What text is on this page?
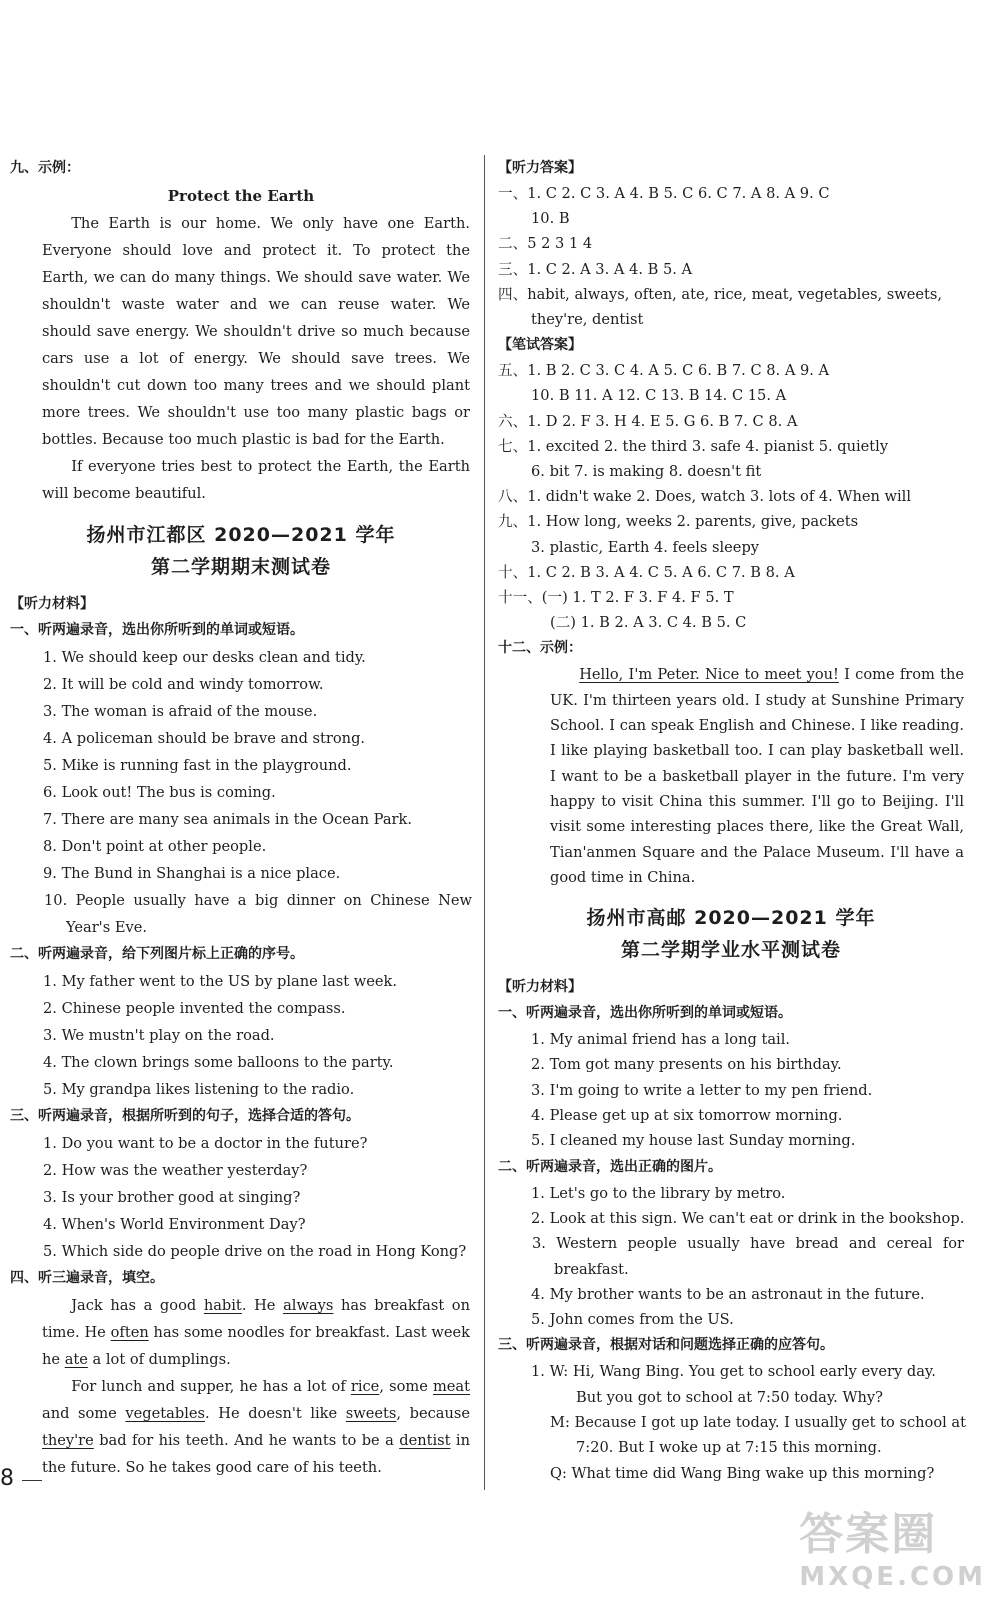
九、示例：
Protect the Earth
The Earth is our home. We only have one Earth. Everyone should love and protect it. To protect the Earth, we can do many things. We should save water. We shouldn't waste water and we can reuse water. We should save energy. We shouldn't drive so much because cars use a lot of energy. We should save trees. We shouldn't cut down too many trees and we should plant more trees. We shouldn't use too many plastic bags or bottles. Because too much plastic is bad for the Earth.
If everyone tries best to protect the Earth, the Earth will become beautiful.
扬州市江都区 2020—2021 学年
第二学期期末测试卷
【听力材料】
一、听两遍录音，选出你所听到的单词或短语。
1. We should keep our desks clean and tidy.
2. It will be cold and windy tomorrow.
3. The woman is afraid of the mouse.
4. A policeman should be brave and strong.
5. Mike is running fast in the playground.
6. Look out! The bus is coming.
7. There are many sea animals in the Ocean Park.
8. Don't point at other people.
9. The Bund in Shanghai is a nice place.
10. People usually have a big dinner on Chinese New Year's Eve.
二、听两遍录音，给下列图片标上正确的序号。
1. My father went to the US by plane last week.
2. Chinese people invented the compass.
3. We mustn't play on the road.
4. The clown brings some balloons to the party.
5. My grandpa likes listening to the radio.
三、听两遍录音，根据所听到的句子，选择合适的答句。
1. Do you want to be a doctor in the future?
2. How was the weather yesterday?
3. Is your brother good at singing?
4. When's World Environment Day?
5. Which side do people drive on the road in Hong Kong?
四、听三遍录音，填空。
Jack has a good habit. He always has breakfast on time. He often has some noodles for breakfast. Last week he ate a lot of dumplings.
For lunch and supper, he has a lot of rice, some meat and some vegetables. He doesn't like sweets, because they're bad for his teeth. And he wants to be a dentist in the future. So he takes good care of his teeth.
【听力答案】
一、1. C 2. C 3. A 4. B 5. C 6. C 7. A 8. A 9. C
10. B
二、5 2 3 1 4
三、1. C 2. A 3. A 4. B 5. A
四、habit, always, often, ate, rice, meat, vegetables, sweets,
they're, dentist
【笔试答案】
五、1. B 2. C 3. C 4. A 5. C 6. B 7. C 8. A 9. A
10. B 11. A 12. C 13. B 14. C 15. A
六、1. D 2. F 3. H 4. E 5. G 6. B 7. C 8. A
七、1. excited 2. the third 3. safe 4. pianist 5. quietly
6. bit 7. is making 8. doesn't fit
八、1. didn't wake 2. Does, watch 3. lots of 4. When will
九、1. How long, weeks 2. parents, give, packets
3. plastic, Earth 4. feels sleepy
十、1. C 2. B 3. A 4. C 5. A 6. C 7. B 8. A
十一、(一) 1. T 2. F 3. F 4. F 5. T
(二) 1. B 2. A 3. C 4. B 5. C
十二、示例：
Hello, I'm Peter. Nice to meet you! I come from the UK. I'm thirteen years old. I study at Sunshine Primary School. I can speak English and Chinese. I like reading. I like playing basketball too. I can play basketball well. I want to be a basketball player in the future. I'm very happy to visit China this summer. I'll go to Beijing. I'll visit some interesting places there, like the Great Wall, Tian'anmen Square and the Palace Museum. I'll have a good time in China.
扬州市高邮 2020—2021 学年
第二学期学业水平测试卷
【听力材料】
一、听两遍录音，选出你所听到的单词或短语。
1. My animal friend has a long tail.
2. Tom got many presents on his birthday.
3. I'm going to write a letter to my pen friend.
4. Please get up at six tomorrow morning.
5. I cleaned my house last Sunday morning.
二、听两遍录音，选出正确的图片。
1. Let's go to the library by metro.
2. Look at this sign. We can't eat or drink in the bookshop.
3. Western people usually have bread and cereal for breakfast.
4. My brother wants to be an astronaut in the future.
5. John comes from the US.
三、听两遍录音，根据对话和问题选择正确的应答句。
1. W: Hi, Wang Bing. You get to school early every day.
But you got to school at 7:50 today. Why?
M: Because I got up late today. I usually get to school at
7:20. But I woke up at 7:15 this morning.
Q: What time did Wang Bing wake up this morning?
8
答案圈
MXQE.COM
